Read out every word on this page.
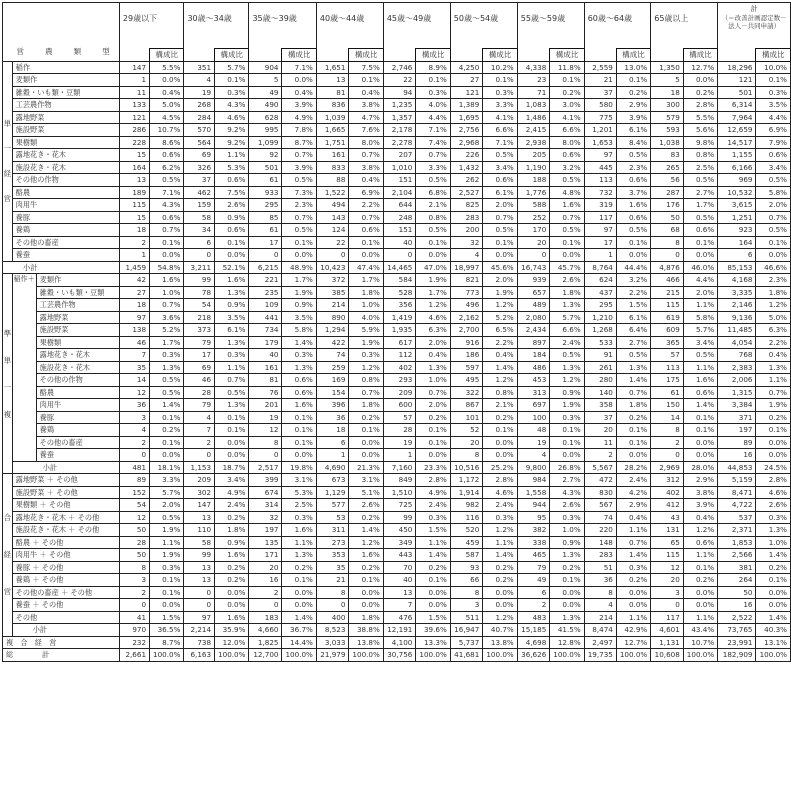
営 農 類 型			29歳以下		30歳～34歳		35歳～39歳		40歳～44歳		45歳～49歳		50歳～54歳		55歳～59歳		60歳～64歳		65歳以上		計
（＝改善計画認定数－法人－共同申請）	

				構成比		構成比		構成比		構成比		構成比		構成比		構成比		構成比		構成比		構成比

単
一
経
営	稲作		147	5.5%	351	5.7%	904	7.1%	1,651	7.5%	2,746	8.9%	4,250	10.2%	4,338	11.8%	2,559	13.0%	1,350	12.7%	18,296	10.0%
	麦類作		1	0.0%	4	0.1%	5	0.0%	13	0.1%	22	0.1%	27	0.1%	23	0.1%	21	0.1%	5	0.0%	121	0.1%
	雑穀・いも類・豆類		11	0.4%	19	0.3%	49	0.4%	81	0.4%	94	0.3%	121	0.3%	71	0.2%	37	0.2%	18	0.2%	501	0.3%
	工芸農作物		133	5.0%	268	4.3%	490	3.9%	836	3.8%	1,235	4.0%	1,389	3.3%	1,083	3.0%	580	2.9%	300	2.8%	6,314	3.5%
	露地野菜		121	4.5%	284	4.6%	628	4.9%	1,039	4.7%	1,357	4.4%	1,695	4.1%	1,486	4.1%	775	3.9%	579	5.5%	7,964	4.4%
	施設野菜		286	10.7%	570	9.2%	995	7.8%	1,665	7.6%	2,178	7.1%	2,756	6.6%	2,415	6.6%	1,201	6.1%	593	5.6%	12,659	6.9%
	果樹類		228	8.6%	564	9.2%	1,099	8.7%	1,751	8.0%	2,278	7.4%	2,968	7.1%	2,938	8.0%	1,653	8.4%	1,038	9.8%	14,517	7.9%
	露地花き・花木		15	0.6%	69	1.1%	92	0.7%	161	0.7%	207	0.7%	226	0.5%	205	0.6%	97	0.5%	83	0.8%	1,155	0.6%
	施設花き・花木		164	6.2%	326	5.3%	501	3.9%	833	3.8%	1,010	3.3%	1,432	3.4%	1,190	3.2%	445	2.3%	265	2.5%	6,166	3.4%
	その他の作物		13	0.5%	37	0.6%	61	0.5%	88	0.4%	151	0.5%	262	0.6%	188	0.5%	113	0.6%	56	0.5%	969	0.5%
	酪農		189	7.1%	462	7.5%	933	7.3%	1,522	6.9%	2,104	6.8%	2,527	6.1%	1,776	4.8%	732	3.7%	287	2.7%	10,532	5.8%
	肉用牛		115	4.3%	159	2.6%	295	2.3%	494	2.2%	644	2.1%	825	2.0%	588	1.6%	319	1.6%	176	1.7%	3,615	2.0%
	養豚		15	0.6%	58	0.9%	85	0.7%	143	0.7%	248	0.8%	283	0.7%	252	0.7%	117	0.6%	50	0.5%	1,251	0.7%
	養鶏		18	0.7%	34	0.6%	61	0.5%	124	0.6%	151	0.5%	200	0.5%	170	0.5%	97	0.5%	68	0.6%	923	0.5%
	その他の畜産		2	0.1%	6	0.1%	17	0.1%	22	0.1%	40	0.1%	32	0.1%	20	0.1%	17	0.1%	8	0.1%	164	0.1%
	養蚕		1	0.0%	0	0.0%	0	0.0%	0	0.0%	0	0.0%	4	0.0%	0	0.0%	1	0.0%	0	0.0%	6	0.0%
小計			1,459	54.8%	3,211	52.1%	6,215	48.9%	10,423	47.4%	14,465	47.0%	18,997	45.6%	16,743	45.7%	8,764	44.4%	4,876	46.0%	85,153	46.6%

準
単
一
複	稲作＋	麦類作	42	1.6%	99	1.6%	221	1.7%	372	1.7%	584	1.9%	821	2.0%	939	2.6%	624	3.2%	466	4.4%	4,168	2.3%
		雑穀・いも類・豆類	27	1.0%	78	1.3%	235	1.9%	385	1.8%	528	1.7%	773	1.9%	657	1.8%	437	2.2%	215	2.0%	3,335	1.8%
		工芸農作物	18	0.7%	54	0.9%	109	0.9%	214	1.0%	356	1.2%	496	1.2%	489	1.3%	295	1.5%	115	1.1%	2,146	1.2%
		露地野菜	97	3.6%	218	3.5%	441	3.5%	890	4.0%	1,419	4.6%	2,162	5.2%	2,080	5.7%	1,210	6.1%	619	5.8%	9,136	5.0%
		施設野菜	138	5.2%	373	6.1%	734	5.8%	1,294	5.9%	1,935	6.3%	2,700	6.5%	2,434	6.6%	1,268	6.4%	609	5.7%	11,485	6.3%
		果樹類	46	1.7%	79	1.3%	179	1.4%	422	1.9%	617	2.0%	916	2.2%	897	2.4%	533	2.7%	365	3.4%	4,054	2.2%
		露地花き・花木	7	0.3%	17	0.3%	40	0.3%	74	0.3%	112	0.4%	186	0.4%	184	0.5%	91	0.5%	57	0.5%	768	0.4%
		施設花き・花木	35	1.3%	69	1.1%	161	1.3%	259	1.2%	402	1.3%	597	1.4%	486	1.3%	261	1.3%	113	1.1%	2,383	1.3%
		その他の作物	14	0.5%	46	0.7%	81	0.6%	169	0.8%	293	1.0%	495	1.2%	453	1.2%	280	1.4%	175	1.6%	2,006	1.1%
		酪農	12	0.5%	28	0.5%	76	0.6%	154	0.7%	209	0.7%	322	0.8%	313	0.9%	140	0.7%	61	0.6%	1,315	0.7%
		肉用牛	36	1.4%	79	1.3%	201	1.6%	396	1.8%	600	2.0%	867	2.1%	697	1.9%	358	1.8%	150	1.4%	3,384	1.9%
		養豚	3	0.1%	4	0.1%	19	0.1%	36	0.2%	57	0.2%	101	0.2%	100	0.3%	37	0.2%	14	0.1%	371	0.2%
		養鶏	4	0.2%	7	0.1%	12	0.1%	18	0.1%	28	0.1%	52	0.1%	48	0.1%	20	0.1%	8	0.1%	197	0.1%
		その他の畜産	2	0.1%	2	0.0%	8	0.1%	6	0.0%	19	0.1%	20	0.0%	19	0.1%	11	0.1%	2	0.0%	89	0.0%
		養蚕	0	0.0%	0	0.0%	0	0.0%	1	0.0%	1	0.0%	8	0.0%	4	0.0%	2	0.0%	0	0.0%	16	0.0%
	小計		481	18.1%	1,153	18.7%	2,517	19.8%	4,690	21.3%	7,160	23.3%	10,516	25.2%	9,800	26.8%	5,567	28.2%	2,969	28.0%	44,853	24.5%

合
経
営	露地野菜 ＋ その他		89	3.3%	209	3.4%	399	3.1%	673	3.1%	849	2.8%	1,172	2.8%	984	2.7%	472	2.4%	312	2.9%	5,159	2.8%
	施設野菜 ＋ その他		152	5.7%	302	4.9%	674	5.3%	1,129	5.1%	1,510	4.9%	1,914	4.6%	1,558	4.3%	830	4.2%	402	3.8%	8,471	4.6%
	果樹類 ＋ その他		54	2.0%	147	2.4%	314	2.5%	577	2.6%	725	2.4%	982	2.4%	944	2.6%	567	2.9%	412	3.9%	4,722	2.6%
	露地花き・花木 ＋ その他		12	0.5%	13	0.2%	32	0.3%	53	0.2%	99	0.3%	116	0.3%	95	0.3%	74	0.4%	43	0.4%	537	0.3%
	施設花き・花木 ＋ その他		50	1.9%	110	1.8%	197	1.6%	311	1.4%	450	1.5%	520	1.2%	382	1.0%	220	1.1%	131	1.2%	2,371	1.3%
	酪農 ＋ その他		28	1.1%	58	0.9%	135	1.1%	273	1.2%	349	1.1%	459	1.1%	338	0.9%	148	0.7%	65	0.6%	1,853	1.0%
	肉用牛 ＋ その他		50	1.9%	99	1.6%	171	1.3%	353	1.6%	443	1.4%	587	1.4%	465	1.3%	283	1.4%	115	1.1%	2,566	1.4%
	養豚 ＋ その他		8	0.3%	13	0.2%	20	0.2%	35	0.2%	70	0.2%	93	0.2%	79	0.2%	51	0.3%	12	0.1%	381	0.2%
	養鶏 ＋ その他		3	0.1%	13	0.2%	16	0.1%	21	0.1%	40	0.1%	66	0.2%	49	0.1%	36	0.2%	20	0.2%	264	0.1%
	その他の畜産 ＋ その他		2	0.1%	0	0.0%	2	0.0%	8	0.0%	13	0.0%	8	0.0%	6	0.0%	8	0.0%	3	0.0%	50	0.0%
	養蚕 ＋ その他		0	0.0%	0	0.0%	0	0.0%	0	0.0%	7	0.0%	3	0.0%	2	0.0%	4	0.0%	0	0.0%	16	0.0%
	その他		41	1.5%	97	1.6%	183	1.4%	400	1.8%	476	1.5%	511	1.2%	483	1.3%	214	1.1%	117	1.1%	2,522	1.4%
	小計		970	36.5%	2,214	35.9%	4,660	36.7%	8,523	38.8%	12,191	39.6%	16,947	40.7%	15,185	41.5%	8,474	42.9%	4,601	43.4%	73,765	40.3%
複　合　経　営			232	8.7%	738	12.0%	1,825	14.4%	3,033	13.8%	4,100	13.3%	5,737	13.8%	4,698	12.8%	2,497	12.7%	1,131	10.7%	23,991	13.1%
総　　　　計			2,661	100.0%	6,163	100.0%	12,700	100.0%	21,979	100.0%	30,756	100.0%	41,681	100.0%	36,626	100.0%	19,735	100.0%	10,608	100.0%	182,909	100.0%
